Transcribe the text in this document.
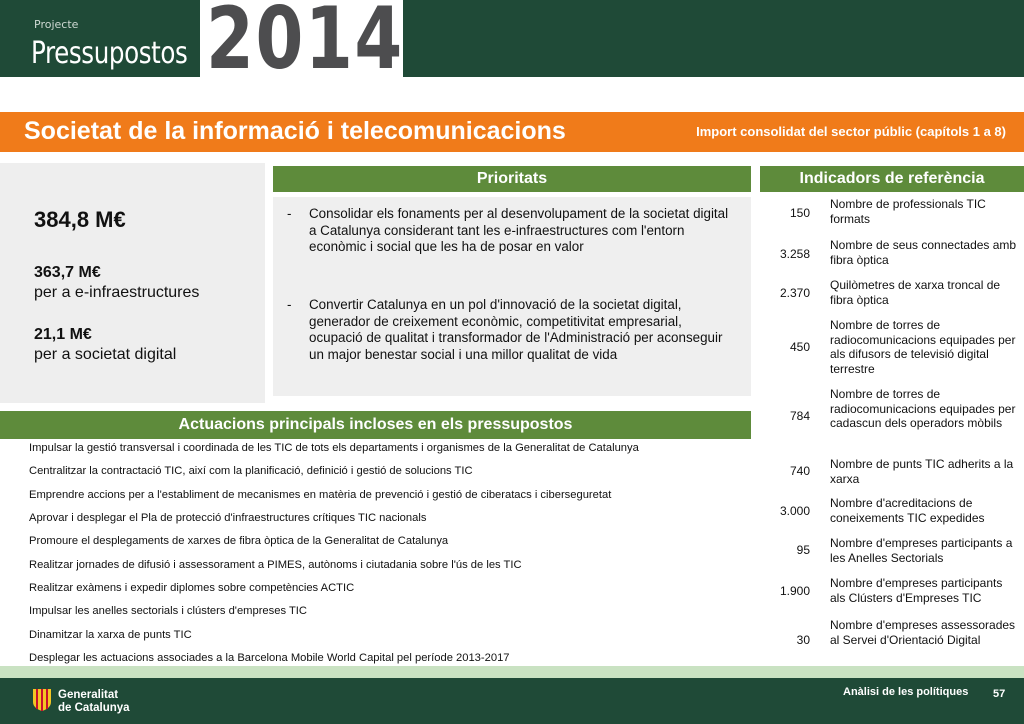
Projecte
Pressupostos 2014
Societat de la informació i telecomunicacions	Import consolidat del sector públic (capítols 1 a 8)
384,8 M€
363,7 M€
per a e-infraestructures
21,1 M€
per a societat digital
Prioritats
- Consolidar els fonaments per al desenvolupament de la societat digital a Catalunya considerant tant les e-infraestructures com l'entorn econòmic i social que les ha de posar en valor
- Convertir Catalunya en un pol d'innovació de la societat digital, generador de creixement econòmic, competitivitat empresarial, ocupació de qualitat i transformador de l'Administració per aconseguir un major benestar social i una millor qualitat de vida
Indicadors de referència
150
Nombre de professionals TIC formats
3.258
Nombre de seus connectades amb fibra òptica
2.370
Quilòmetres de xarxa troncal de fibra òptica
450
Nombre de torres de radiocomunicacions equipades per als difusors de televisió digital terrestre
784
Nombre de torres de radiocomunicacions equipades per cadascun dels operadors mòbils
740 Nombre de punts TIC adherits a la xarxa
3.000
Nombre d'acreditacions de coneixements TIC expedides
95 Nombre d'empreses participants a les Anelles Sectorials
1.900
Nombre d'empreses participants als Clústers d'Empreses TIC
30
Nombre d'empreses assessorades al Servei d'Orientació Digital
Actuacions principals incloses en els pressupostos
Impulsar la gestió transversal i coordinada de les TIC de tots els departaments i organismes de la Generalitat de Catalunya
Centralitzar la contractació TIC, així com la planificació, definició i gestió de solucions TIC
Emprendre accions per a l'establiment de mecanismes en matèria de prevenció i gestió de ciberatacs i ciberseguretat
Aprovar i desplegar el Pla de protecció d'infraestructures crítiques TIC nacionals
Promoure el desplegaments de xarxes de fibra òptica de la Generalitat de Catalunya
Realitzar jornades de difusió i assessorament a PIMES, autònoms i ciutadania sobre l'ús de les TIC
Realitzar exàmens i expedir diplomes sobre competències ACTIC
Impulsar les anelles sectorials i clústers d'empreses TIC
Dinamitzar la xarxa de punts TIC
Desplegar les actuacions associades a la Barcelona Mobile World Capital pel període 2013-2017
Generalitat
de Catalunya
Anàlisi de les polítiques 57
